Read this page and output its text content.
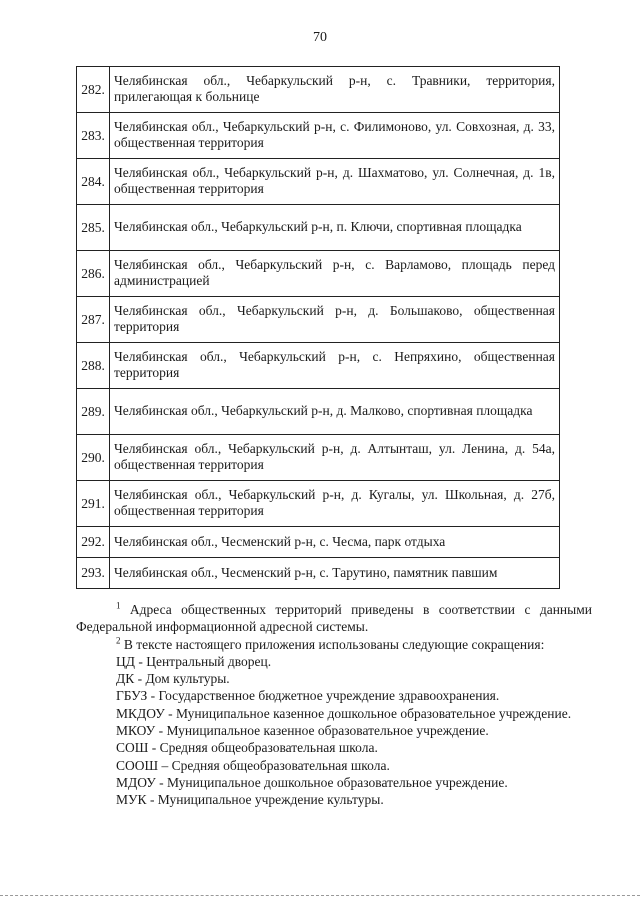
70
282.	Челябинская обл., Чебаркульский р-н, с. Травники, территория, прилегающая к больнице
283.	Челябинская обл., Чебаркульский р-н, с. Филимоново, ул. Совхозная, д. 33, общественная территория
284.	Челябинская обл., Чебаркульский р-н, д. Шахматово, ул. Солнечная, д. 1в, общественная территория
285.	Челябинская обл., Чебаркульский р-н, п. Ключи, спортивная площадка
286.	Челябинская обл., Чебаркульский р-н, с. Варламово, площадь перед администрацией
287.	Челябинская обл., Чебаркульский р-н, д. Большаково, общественная территория
288.	Челябинская обл., Чебаркульский р-н, с. Непряхино, общественная территория
289.	Челябинская обл., Чебаркульский р-н, д. Малково, спортивная площадка
290.	Челябинская обл., Чебаркульский р-н, д. Алтынташ, ул. Ленина, д. 54а, общественная территория
291.	Челябинская обл., Чебаркульский р-н, д. Кугалы, ул. Школьная, д. 27б, общественная территория
292.	Челябинская обл., Чесменский р-н, с. Чесма, парк отдыха
293.	Челябинская обл., Чесменский р-н, с. Тарутино, памятник павшим

$^1$ Адреса общественных территорий приведены в соответствии с данными Федеральной информационной адресной системы.

$^2$ В тексте настоящего приложения использованы следующие сокращения:

ЦД - Центральный дворец.

ДК - Дом культуры.

ГБУЗ - Государственное бюджетное учреждение здравоохранения.

МКДОУ - Муниципальное казенное дошкольное образовательное учреждение.

МКОУ - Муниципальное казенное образовательное учреждение.

СОШ - Средняя общеобразовательная школа.

СООШ – Средняя общеобразовательная школа.

МДОУ - Муниципальное дошкольное образовательное учреждение.

МУК - Муниципальное учреждение культуры.
